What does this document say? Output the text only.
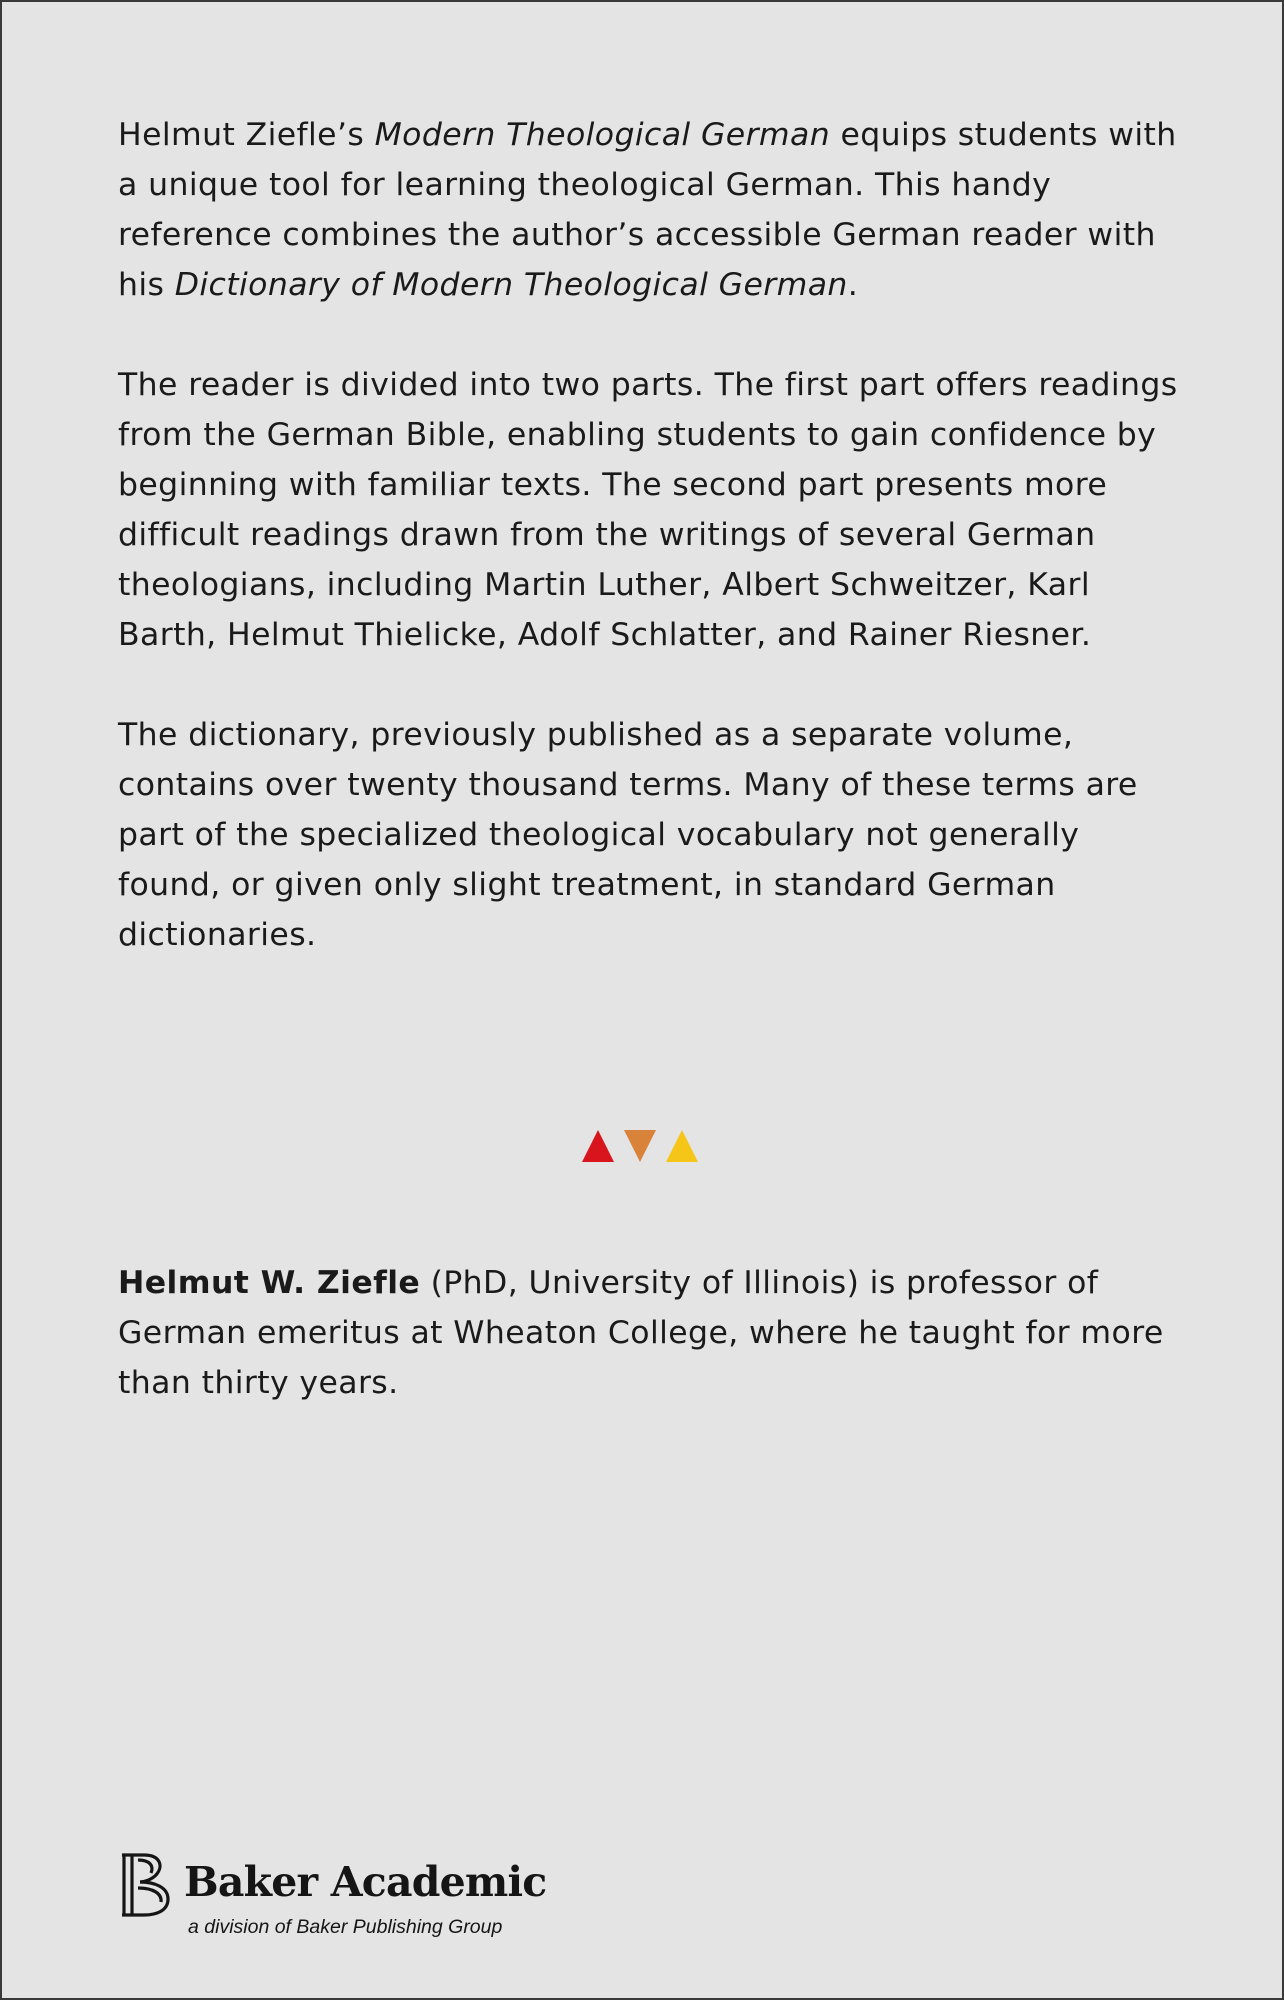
Helmut Ziefle’s Modern Theological German equips students with a unique tool for learning theological German. This handy reference combines the author’s accessible German reader with his Dictionary of Modern Theological German.

The reader is divided into two parts. The first part offers readings from the German Bible, enabling students to gain confidence by beginning with familiar texts. The second part presents more difficult readings drawn from the writings of several German theologians, including Martin Luther, Albert Schweitzer, Karl Barth, Helmut Thielicke, Adolf Schlatter, and Rainer Riesner.

The dictionary, previously published as a separate volume, contains over twenty thousand terms. Many of these terms are part of the specialized theological vocabulary not generally found, or given only slight treatment, in standard German dictionaries.

Helmut W. Ziefle (PhD, University of Illinois) is professor of German emeritus at Wheaton College, where he taught for more than thirty years.

Baker Academic
a division of Baker Publishing Group
